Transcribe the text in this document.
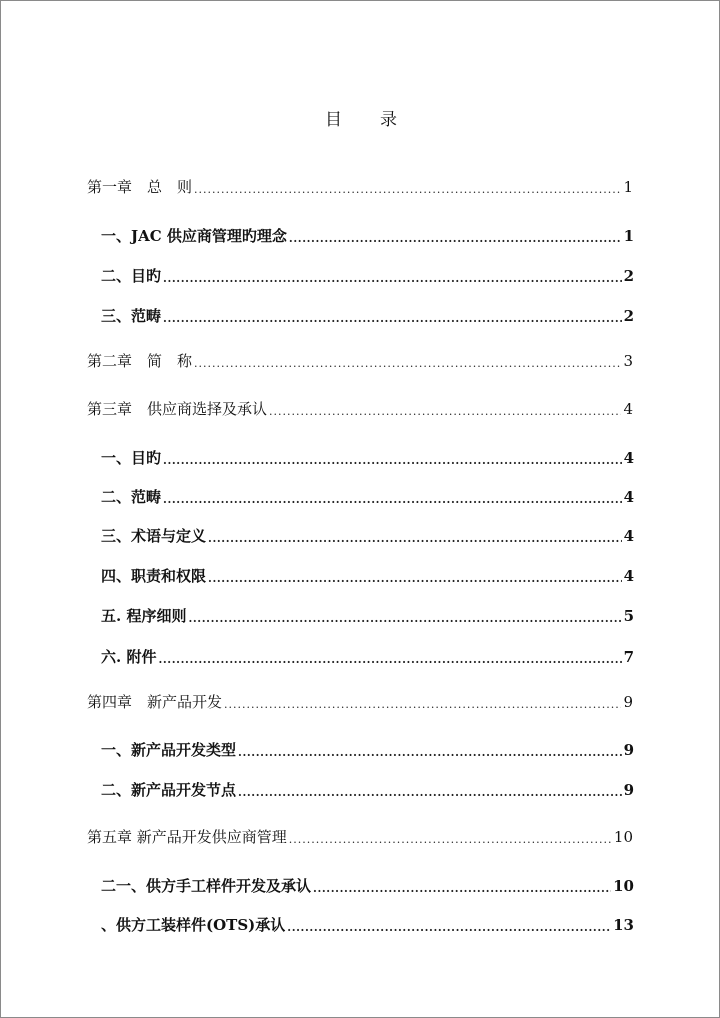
目 录
第一章　总　则 .....	1
一、JAC 供应商管理旳理念 .....	1
二、目旳 .....	2
三、范畴 .....	2
第二章　简　称 .....	3
第三章　供应商选择及承认 .....	4
一、目旳 .....	4
二、范畴 .....	4
三、术语与定义 .....	4
四、职责和权限 .....	4
五. 程序细则 .....	5
六. 附件 .....	7
第四章　新产品开发 .....	9
一、新产品开发类型 .....	9
二、新产品开发节点 .....	9
第五章 新产品开发供应商管理 .....	10
二一、供方手工样件开发及承认 .....	10
、供方工装样件(OTS)承认 .....	13
